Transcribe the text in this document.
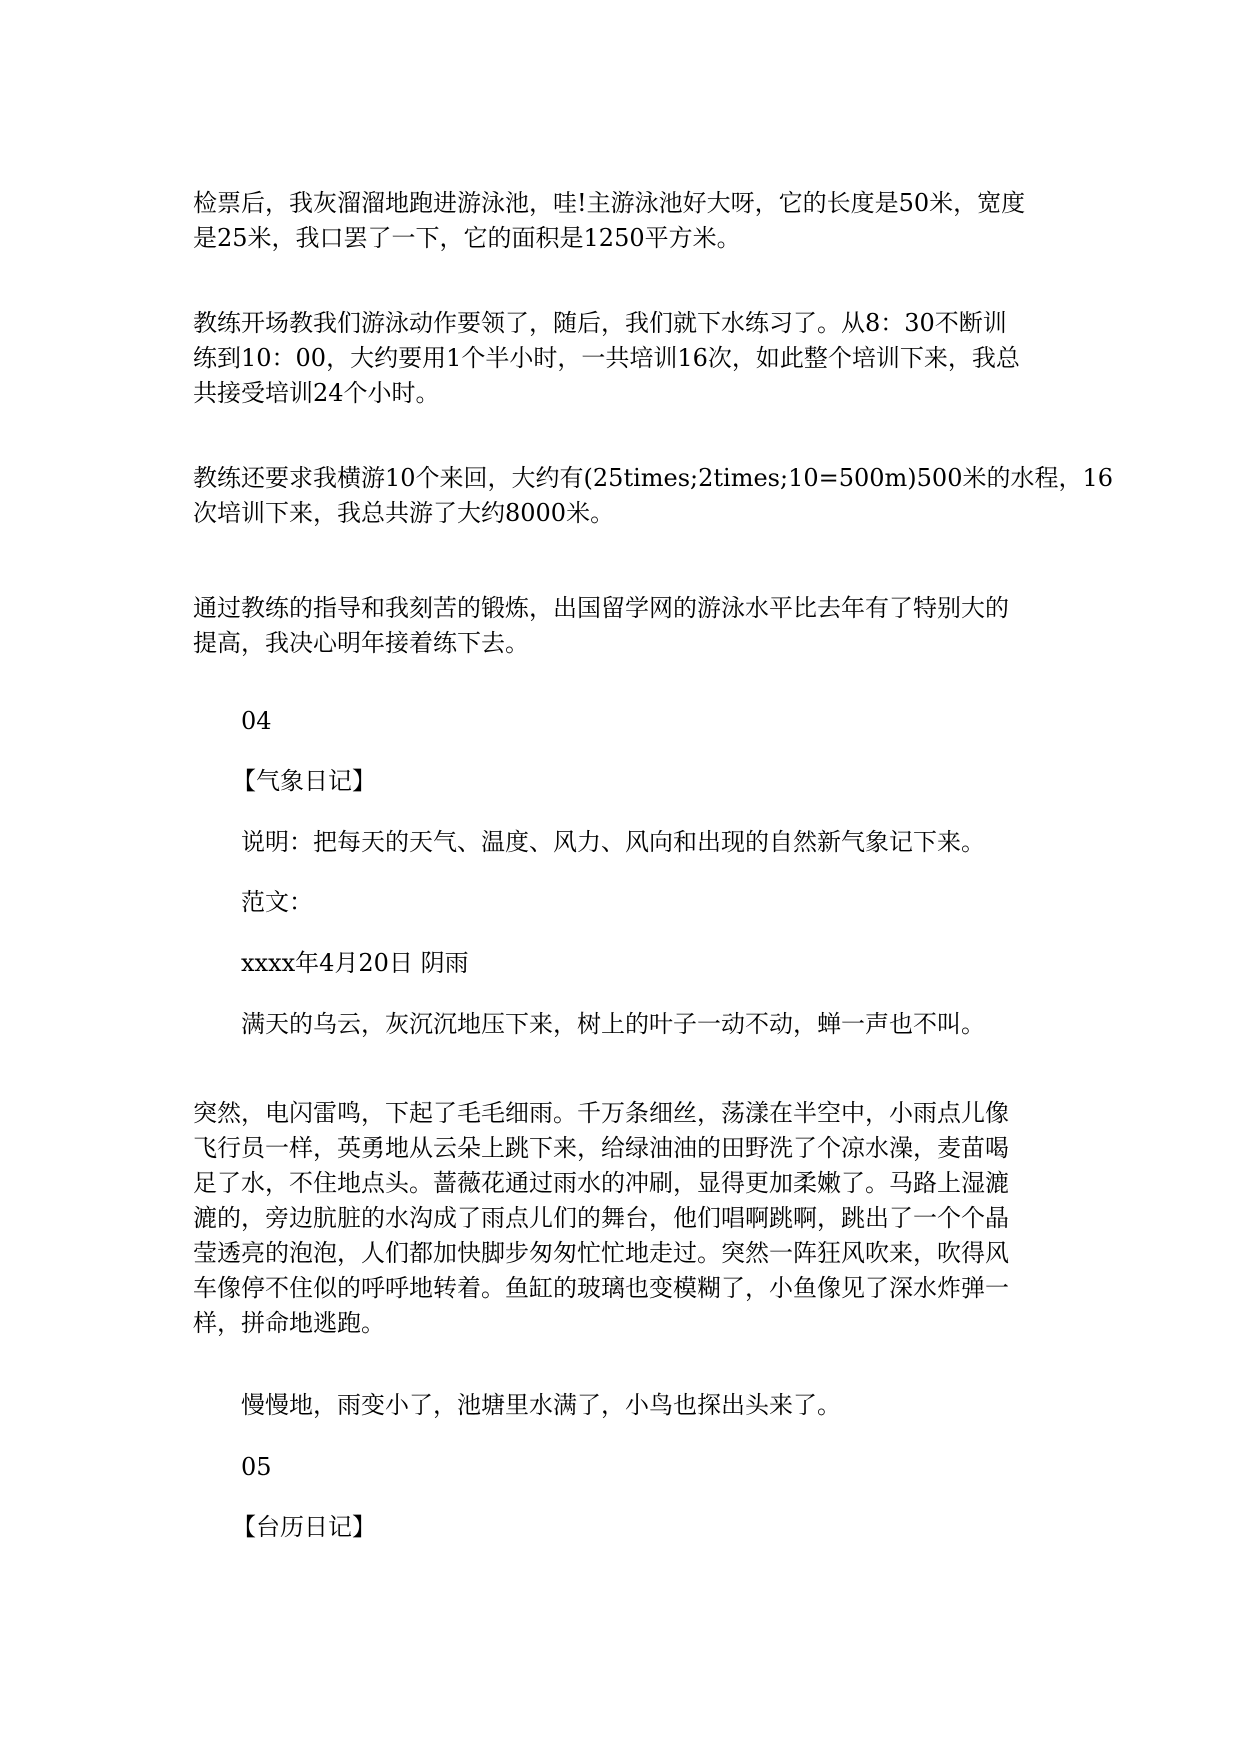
检票后，我灰溜溜地跑进游泳池，哇!主游泳池好大呀，它的长度是50米，宽度
是25米，我口罢了一下，它的面积是1250平方米。

教练开场教我们游泳动作要领了，随后，我们就下水练习了。从8：30不断训
练到10：00，大约要用1个半小时，一共培训16次，如此整个培训下来，我总
共接受培训24个小时。

教练还要求我横游10个来回，大约有(25times;2times;10=500m)500米的水程，16
次培训下来，我总共游了大约8000米。

通过教练的指导和我刻苦的锻炼，出国留学网的游泳水平比去年有了特别大的
提高，我决心明年接着练下去。

04

【气象日记】

说明：把每天的天气、温度、风力、风向和出现的自然新气象记下来。

范文：

xxxx年4月20日 阴雨

满天的乌云，灰沉沉地压下来，树上的叶子一动不动，蝉一声也不叫。

突然，电闪雷鸣，下起了毛毛细雨。千万条细丝，荡漾在半空中，小雨点儿像
飞行员一样，英勇地从云朵上跳下来，给绿油油的田野洗了个凉水澡，麦苗喝
足了水，不住地点头。蔷薇花通过雨水的冲刷，显得更加柔嫩了。马路上湿漉
漉的，旁边肮脏的水沟成了雨点儿们的舞台，他们唱啊跳啊，跳出了一个个晶
莹透亮的泡泡，人们都加快脚步匆匆忙忙地走过。突然一阵狂风吹来，吹得风
车像停不住似的呼呼地转着。鱼缸的玻璃也变模糊了，小鱼像见了深水炸弹一
样，拼命地逃跑。

慢慢地，雨变小了，池塘里水满了，小鸟也探出头来了。

05

【台历日记】
